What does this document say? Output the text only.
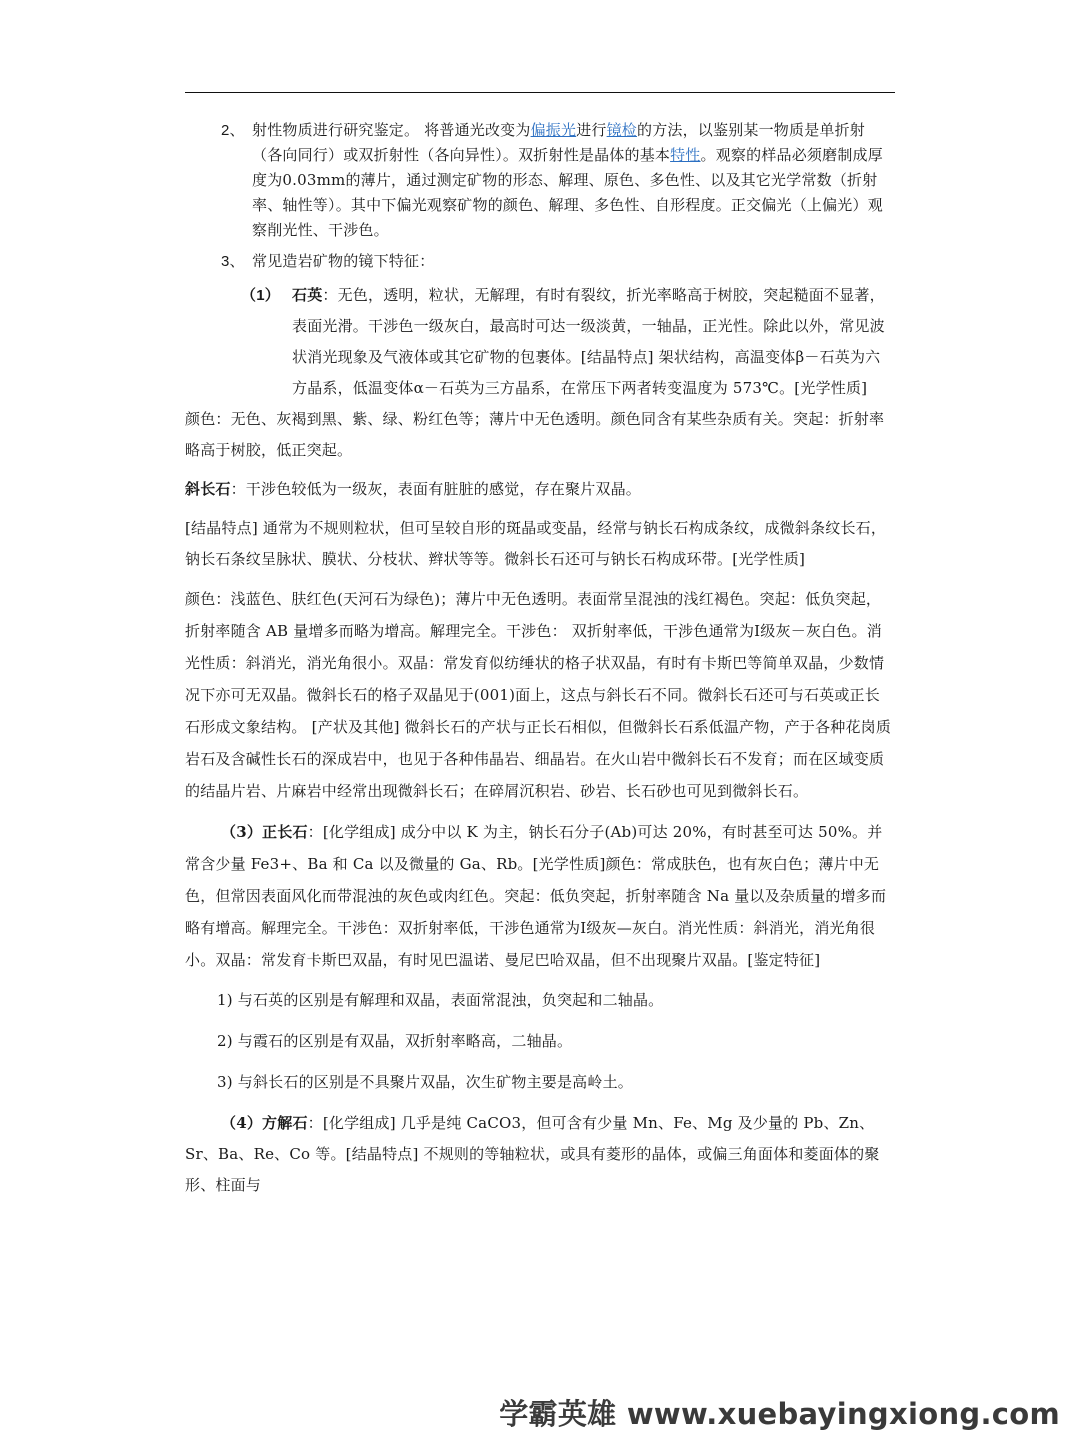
2、 射性物质进行研究鉴定。 将普通光改变为偏振光进行镜检的方法，以鉴别某一物质是单折射（各向同行）或双折射性（各向异性）。双折射性是晶体的基本特性。观察的样品必须磨制成厚度为0.03mm的薄片，通过测定矿物的形态、解理、原色、多色性、以及其它光学常数（折射率、轴性等）。其中下偏光观察矿物的颜色、解理、多色性、自形程度。正交偏光（上偏光）观察削光性、干涉色。
3、 常见造岩矿物的镜下特征：
（1） 石英：无色，透明，粒状，无解理，有时有裂纹，折光率略高于树胶，突起糙面不显著，表面光滑。干涉色一级灰白，最高时可达一级淡黄，一轴晶，正光性。除此以外，常见波状消光现象及气液体或其它矿物的包裹体。[结晶特点] 架状结构，高温变体β－石英为六方晶系，低温变体α－石英为三方晶系，在常压下两者转变温度为 573℃。[光学性质]

颜色：无色、灰褐到黑、紫、绿、粉红色等；薄片中无色透明。颜色同含有某些杂质有关。突起：折射率略高于树胶，低正突起。

斜长石：干涉色较低为一级灰，表面有脏脏的感觉，存在聚片双晶。

[结晶特点] 通常为不规则粒状，但可呈较自形的斑晶或变晶，经常与钠长石构成条纹，成微斜条纹长石，钠长石条纹呈脉状、膜状、分枝状、辫状等等。微斜长石还可与钠长石构成环带。[光学性质]

颜色：浅蓝色、肤红色(天河石为绿色)；薄片中无色透明。表面常呈混浊的浅红褐色。突起：低负突起，折射率随含 AB 量增多而略为增高。解理完全。干涉色： 双折射率低，干涉色通常为Ⅰ级灰－灰白色。消光性质：斜消光，消光角很小。双晶：常发育似纺缍状的格子状双晶，有时有卡斯巴等简单双晶，少数情况下亦可无双晶。微斜长石的格子双晶见于(001)面上，这点与斜长石不同。微斜长石还可与石英或正长石形成文象结构。 [产状及其他] 微斜长石的产状与正长石相似，但微斜长石系低温产物，产于各种花岗质岩石及含碱性长石的深成岩中，也见于各种伟晶岩、细晶岩。在火山岩中微斜长石不发育；而在区域变质的结晶片岩、片麻岩中经常出现微斜长石；在碎屑沉积岩、砂岩、长石砂也可见到微斜长石。

（3）正长石：[化学组成] 成分中以 K 为主，钠长石分子(Ab)可达 20%，有时甚至可达 50%。并常含少量 Fe3+、Ba 和 Ca 以及微量的 Ga、Rb。[光学性质]颜色：常成肤色，也有灰白色；薄片中无色，但常因表面风化而带混浊的灰色或肉红色。突起：低负突起，折射率随含 Na 量以及杂质量的增多而略有增高。解理完全。干涉色：双折射率低，干涉色通常为Ⅰ级灰—灰白。消光性质：斜消光，消光角很小。双晶：常发育卡斯巴双晶，有时见巴温诺、曼尼巴哈双晶，但不出现聚片双晶。[鉴定特征]

1) 与石英的区别是有解理和双晶，表面常混浊，负突起和二轴晶。

2) 与霞石的区别是有双晶，双折射率略高，二轴晶。

3) 与斜长石的区别是不具聚片双晶，次生矿物主要是高岭土。

（4）方解石：[化学组成] 几乎是纯 CaCO3，但可含有少量 Mn、Fe、Mg 及少量的 Pb、Zn、Sr、Ba、Re、Co 等。[结晶特点] 不规则的等轴粒状，或具有菱形的晶体，或偏三角面体和菱面体的聚形、柱面与

学霸英雄 www.xuebayingxiong.com
